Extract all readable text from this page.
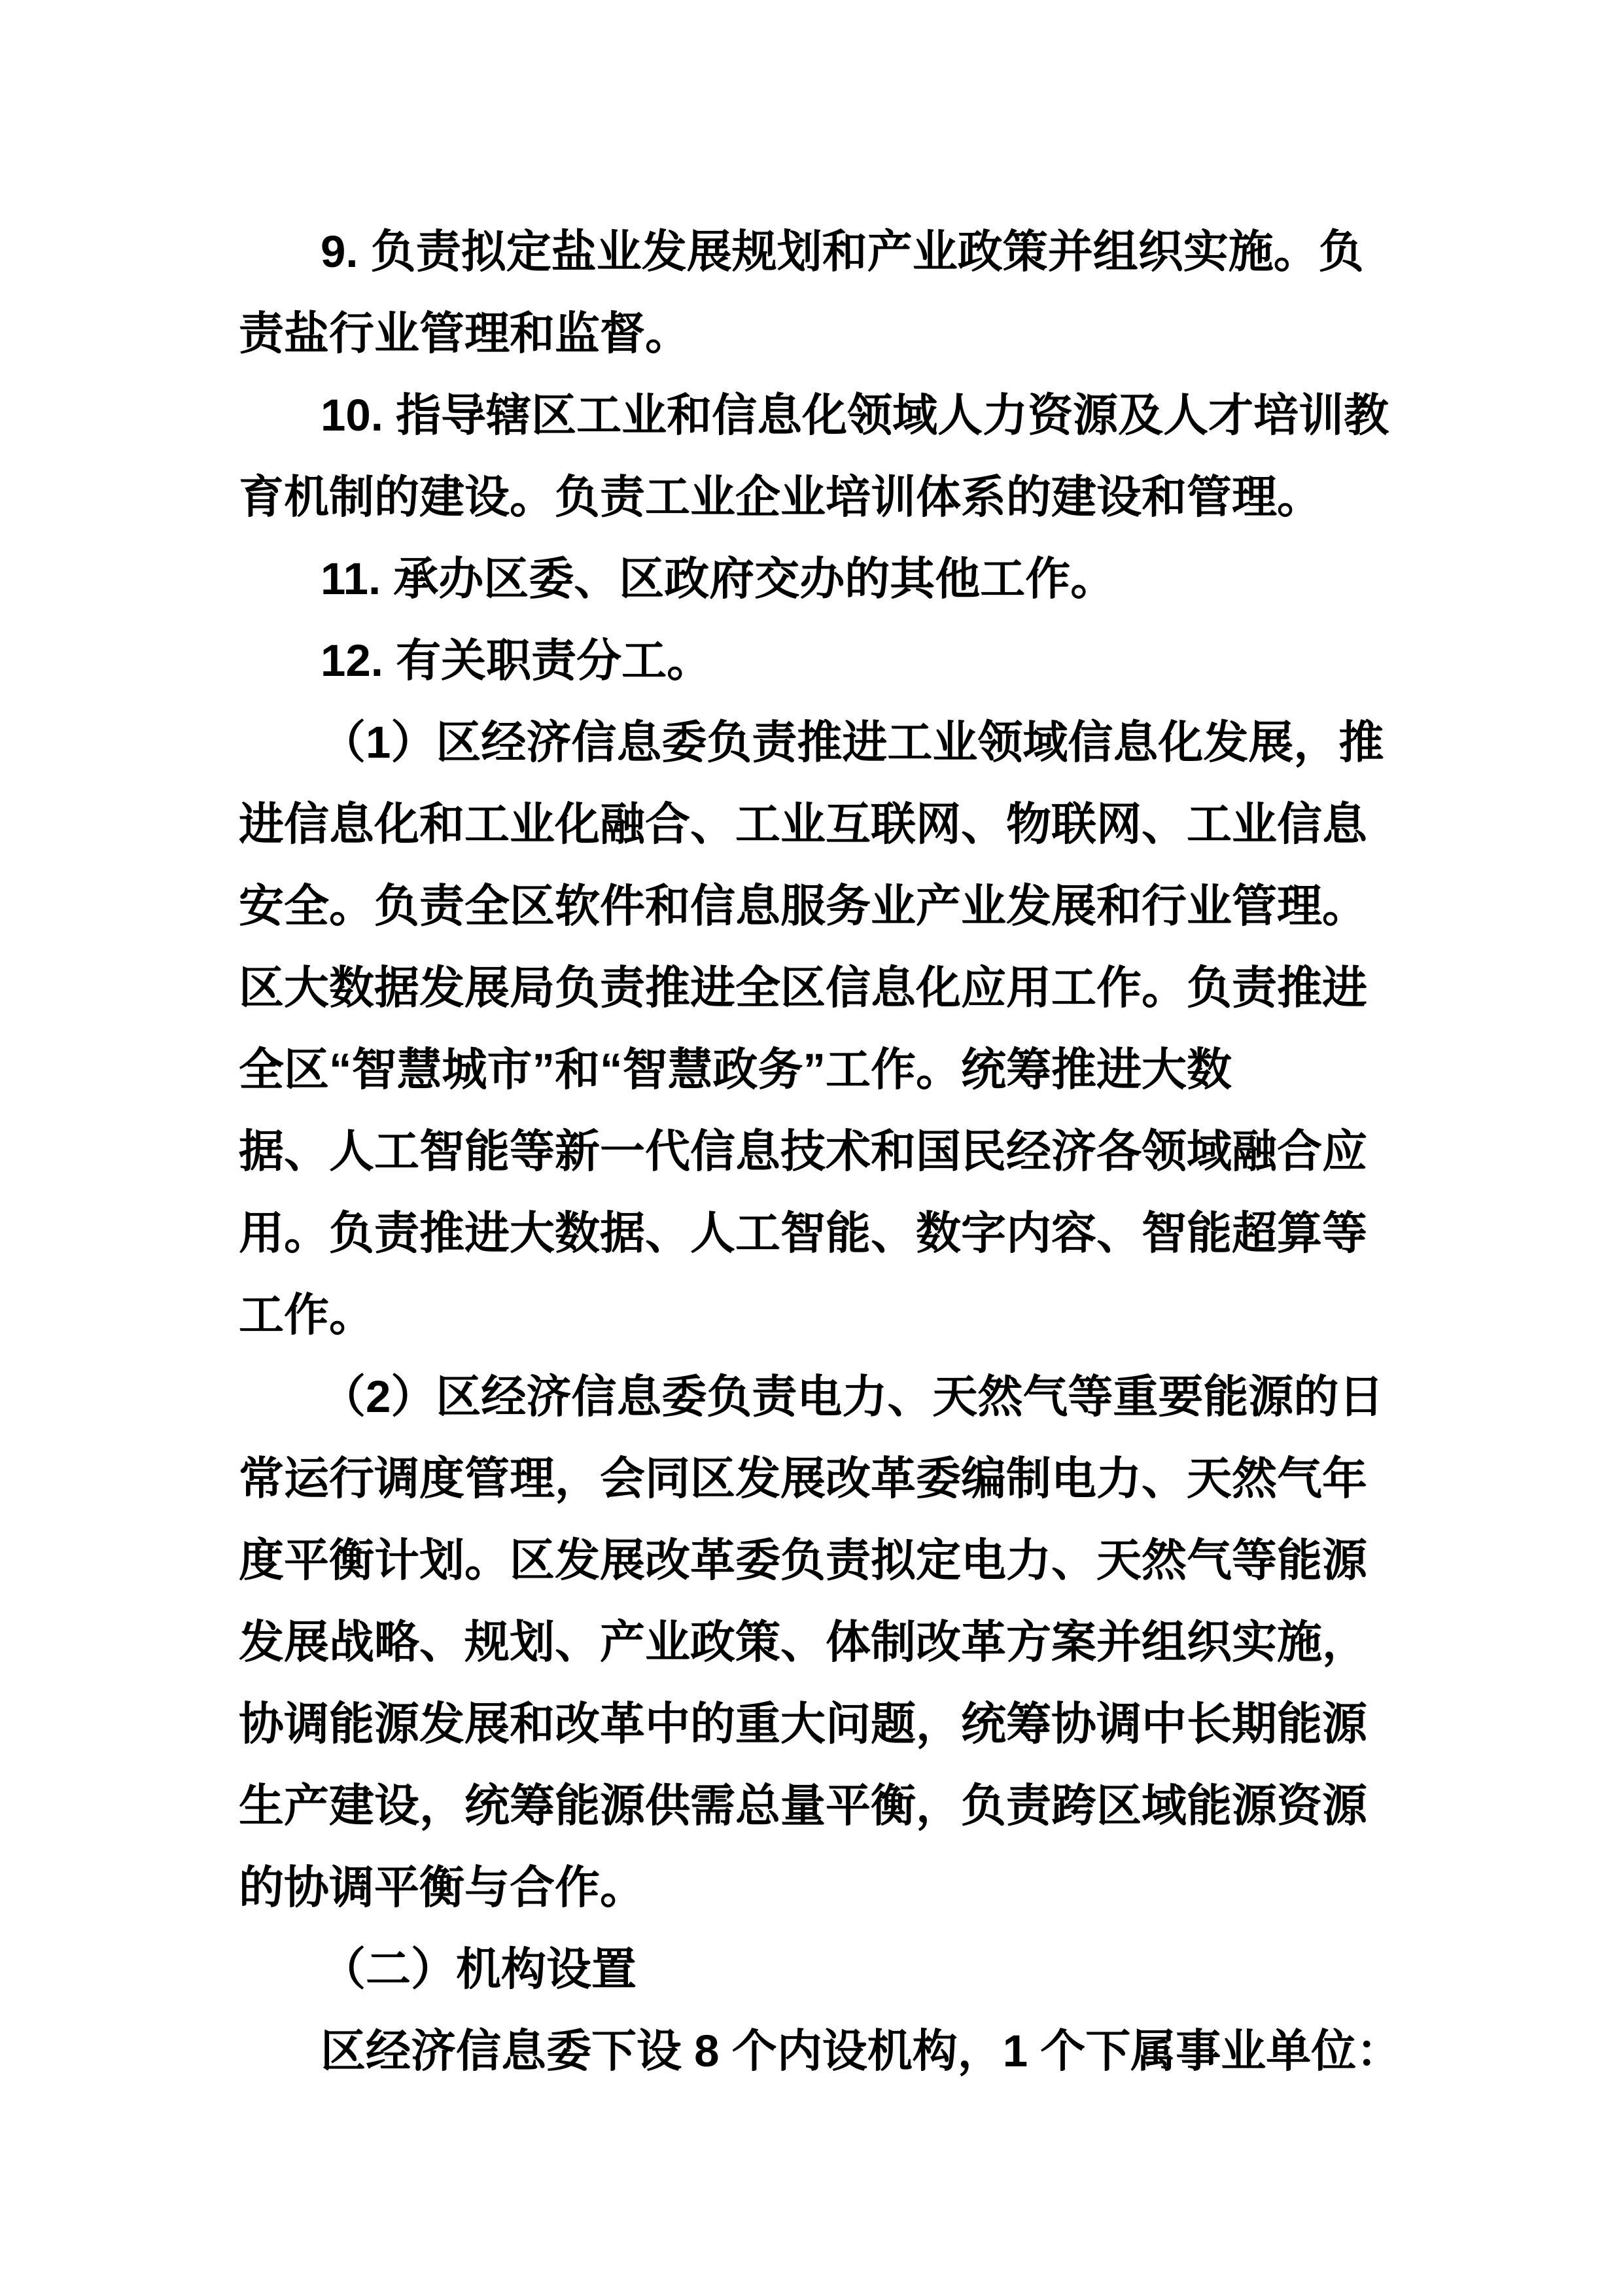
9. 负责拟定盐业发展规划和产业政策并组织实施。负
责盐行业管理和监督。
10. 指导辖区工业和信息化领域人力资源及人才培训教
育机制的建设。负责工业企业培训体系的建设和管理。
11. 承办区委、区政府交办的其他工作。
12. 有关职责分工。
（1）区经济信息委负责推进工业领域信息化发展，推
进信息化和工业化融合、工业互联网、物联网、工业信息
安全。负责全区软件和信息服务业产业发展和行业管理。
区大数据发展局负责推进全区信息化应用工作。负责推进
全区“智慧城市”和“智慧政务”工作。统筹推进大数
据、人工智能等新一代信息技术和国民经济各领域融合应
用。负责推进大数据、人工智能、数字内容、智能超算等
工作。
（2）区经济信息委负责电力、天然气等重要能源的日
常运行调度管理，会同区发展改革委编制电力、天然气年
度平衡计划。区发展改革委负责拟定电力、天然气等能源
发展战略、规划、产业政策、体制改革方案并组织实施，
协调能源发展和改革中的重大问题，统筹协调中长期能源
生产建设，统筹能源供需总量平衡，负责跨区域能源资源
的协调平衡与合作。
（二）机构设置
区经济信息委下设 8 个内设机构，1 个下属事业单位：
